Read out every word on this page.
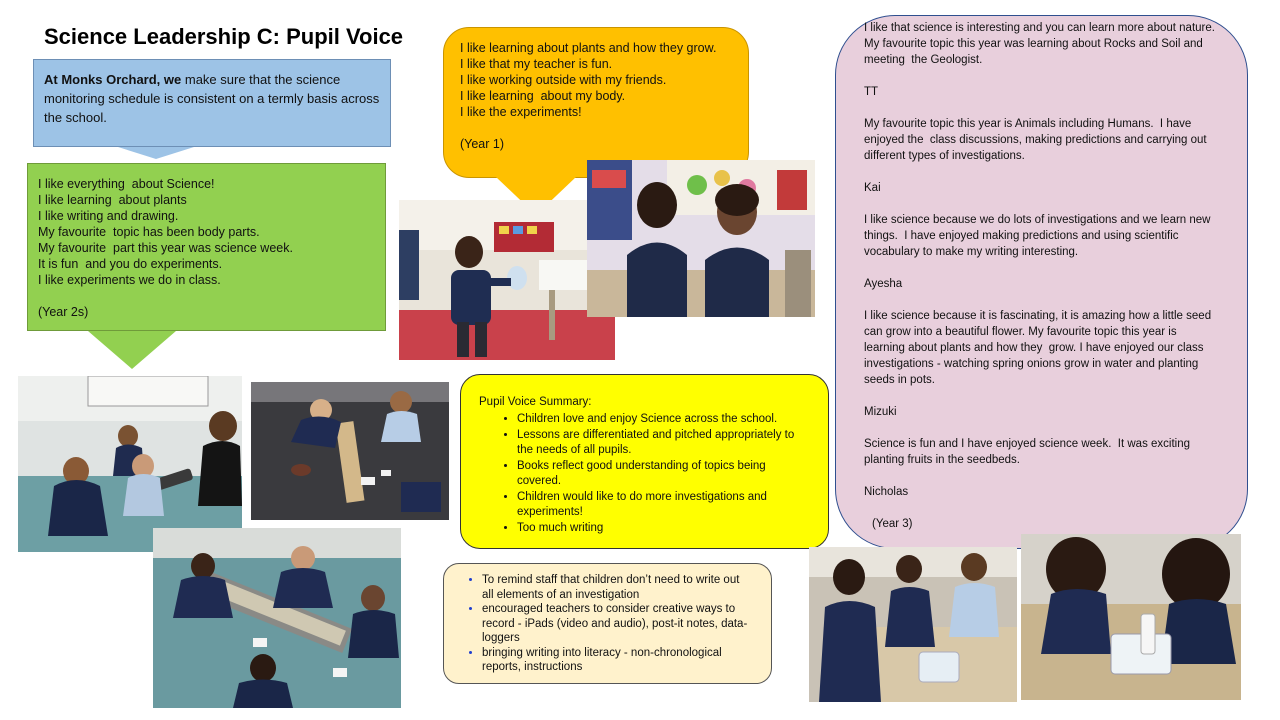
Science Leadership C: Pupil Voice
At Monks Orchard, we make sure that the science monitoring schedule is consistent on a termly basis across the school.
I like everything  about Science!
I like learning  about plants
I like writing and drawing.
My favourite  topic has been body parts.
My favourite  part this year was science week.
It is fun  and you do experiments.
I like experiments we do in class.
(Year 2s)
I like learning about plants and how they grow.
I like that my teacher is fun.
I like working outside with my friends.
I like learning  about my body.
I like the experiments!
(Year 1)
I like that science is interesting and you can learn more about nature.  My favourite topic this year was learning about Rocks and Soil and meeting  the Geologist.
TT
My favourite topic this year is Animals including Humans.  I have enjoyed the  class discussions, making predictions and carrying out different types of investigations.
Kai
I like science because we do lots of investigations and we learn new things.  I have enjoyed making predictions and using scientific vocabulary to make my writing interesting.
Ayesha
I like science because it is fascinating, it is amazing how a little seed can grow into a beautiful flower. My favourite topic this year is learning about plants and how they  grow. I have enjoyed our class investigations - watching spring onions grow in water and planting seeds in pots.
Mizuki
Science is fun and I have enjoyed science week.  It was exciting planting fruits in the seedbeds.
Nicholas
(Year 3)
Pupil Voice Summary:
• Children love and enjoy Science across the school.
• Lessons are differentiated and pitched appropriately to the needs of all pupils.
• Books reflect good understanding of topics being covered.
• Children would like to do more investigations and experiments!
• Too much writing
• To remind staff that children don’t need to write out all elements of an investigation
• encouraged teachers to consider creative ways to record - iPads (video and audio), post-it notes, data-loggers
• bringing writing into literacy - non-chronological reports, instructions
